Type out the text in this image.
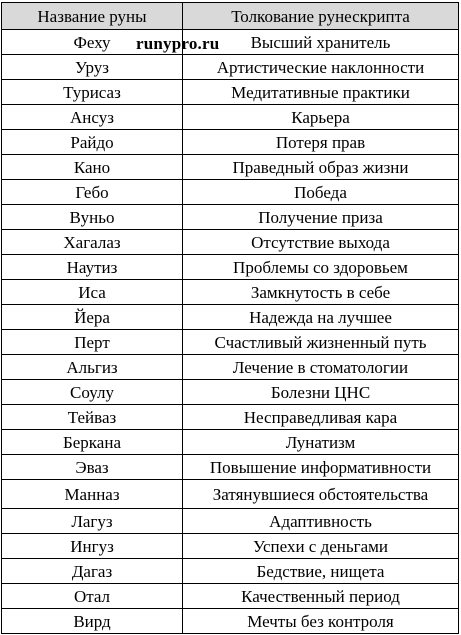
Название руны	Толкование рунескрипта
Феху	Высший хранитель
Уруз	Артистические наклонности
Турисаз	Медитативные практики
Ансуз	Карьера
Райдо	Потеря прав
Кано	Праведный образ жизни
Гебо	Победа
Вуньо	Получение приза
Хагалаз	Отсутствие выхода
Наутиз	Проблемы со здоровьем
Иса	Замкнутость в себе
Йера	Надежда на лучшее
Перт	Счастливый жизненный путь
Альгиз	Лечение в стоматологии
Соулу	Болезни ЦНС
Тейваз	Несправедливая кара
Беркана	Лунатизм
Эваз	Повышение информативности
Манназ	Затянувшиеся обстоятельства
Лагуз	Адаптивность
Ингуз	Успехи с деньгами
Дагаз	Бедствие, нищета
Отал	Качественный период
Вирд	Мечты без контроля
runypro.ru
